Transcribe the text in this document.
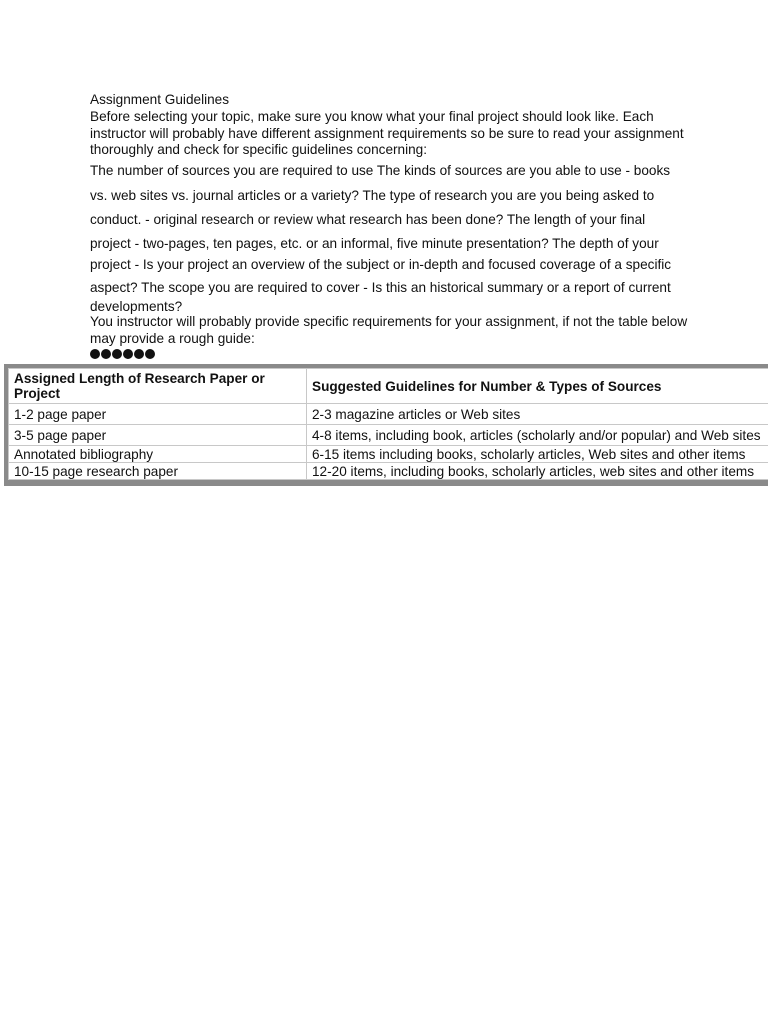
Assignment Guidelines
Before selecting your topic, make sure you know what your final project should look like. Each instructor will probably have different assignment requirements so be sure to read your assignment thoroughly and check for specific guidelines concerning:
The number of sources you are required to use The kinds of sources are you able to use - books
vs. web sites vs. journal articles or a variety? The type of research you are you being asked to
conduct. - original research or review what research has been done? The length of your final
project - two-pages, ten pages, etc. or an informal, five minute presentation? The depth of your
project - Is your project an overview of the subject or in-depth and focused coverage of a specific
aspect? The scope you are required to cover - Is this an historical summary or a report of current developments?
You instructor will probably provide specific requirements for your assignment, if not the table below may provide a rough guide:
Assigned Length of Research Paper or Project	Suggested Guidelines for Number & Types of Sources
1-2 page paper	2-3 magazine articles or Web sites
3-5 page paper	4-8 items, including book, articles (scholarly and/or popular) and Web sites
Annotated bibliography	6-15 items including books, scholarly articles, Web sites and other items
10-15 page research paper	12-20 items, including books, scholarly articles, web sites and other items
